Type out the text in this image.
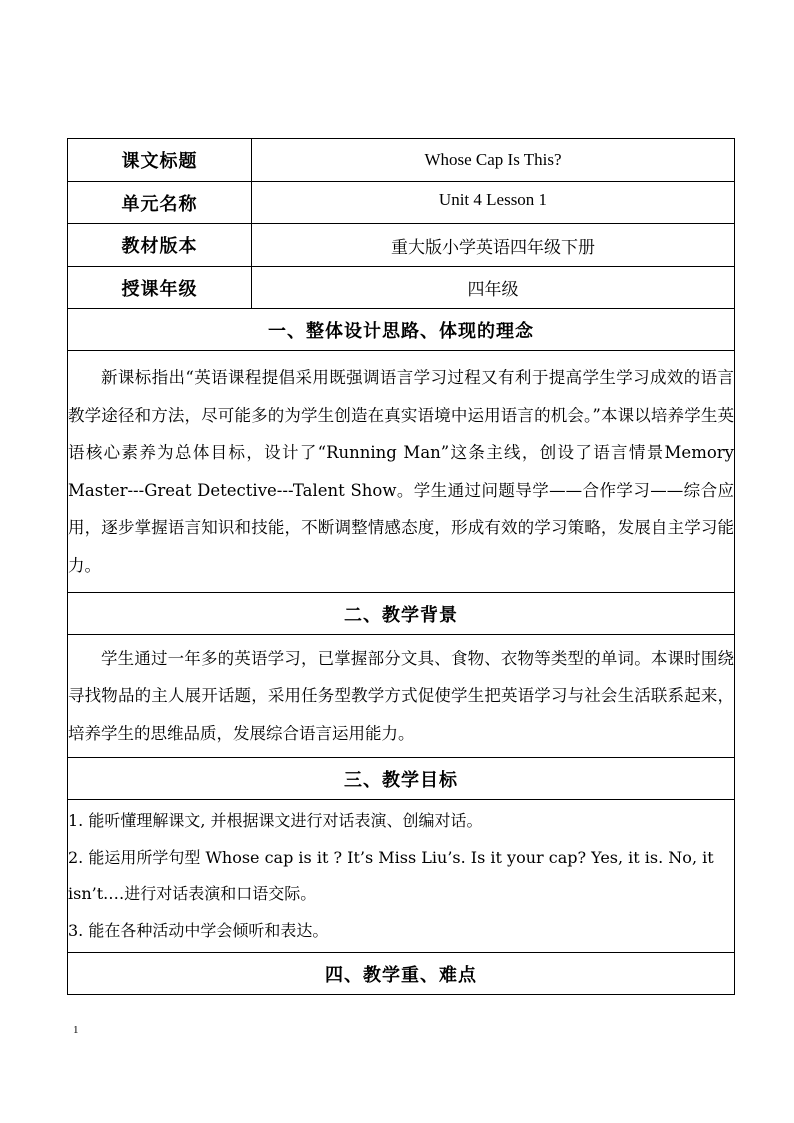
课文标题	Whose Cap Is This?
单元名称	Unit 4 Lesson 1
教材版本	重大版小学英语四年级下册
授课年级	四年级
一、整体设计思路、体现的理念	

新课标指出“英语课程提倡采用既强调语言学习过程又有利于提高学生学习成效的语言教学途径和方法，尽可能多的为学生创造在真实语境中运用语言的机会。”本课以培养学生英语核心素养为总体目标，设计了“Running Man”这条主线，创设了语言情景Memory Master---Great Detective---Talent Show。学生通过问题导学——合作学习——综合应用，逐步掌握语言知识和技能，不断调整情感态度，形成有效的学习策略，发展自主学习能力。	

二、教学背景	

学生通过一年多的英语学习，已掌握部分文具、食物、衣物等类型的单词。本课时围绕寻找物品的主人展开话题，采用任务型教学方式促使学生把英语学习与社会生活联系起来，培养学生的思维品质，发展综合语言运用能力。	

三、教学目标	

1. 能听懂理解课文, 并根据课文进行对话表演、创编对话。

2. 能运用所学句型 Whose cap is it ? It’s Miss Liu’s. Is it your cap? Yes, it is. No, it isn’t.…进行对话表演和口语交际。

3. 能在各种活动中学会倾听和表达。	

四、教学重、难点	
1
